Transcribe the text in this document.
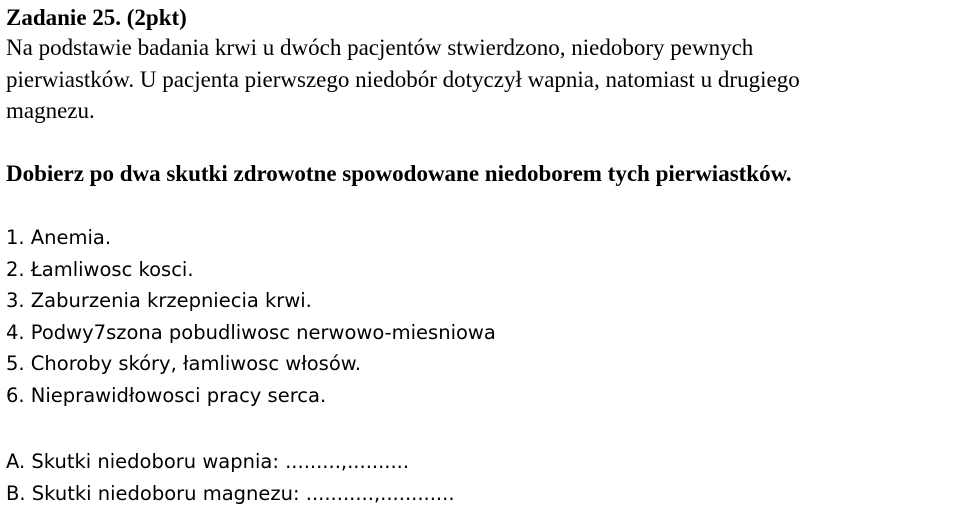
Zadanie 25. (2pkt)
Na podstawie badania krwi u dwóch pacjentów stwierdzono, niedobory pewnych
pierwiastków. U pacjenta pierwszego niedobór dotyczył wapnia, natomiast u drugiego
magnezu.
Dobierz po dwa skutki zdrowotne spowodowane niedoborem tych pierwiastków.
1. Anemia.
2. Łamliwosc kosci.
3. Zaburzenia krzepniecia krwi.
4. Podwy7szona pobudliwosc nerwowo-miesniowa
5. Choroby skóry, łamliwosc włosów.
6. Nieprawidłowosci pracy serca.
A. Skutki niedoboru wapnia: .........,..........
B. Skutki niedoboru magnezu: ...........,............
